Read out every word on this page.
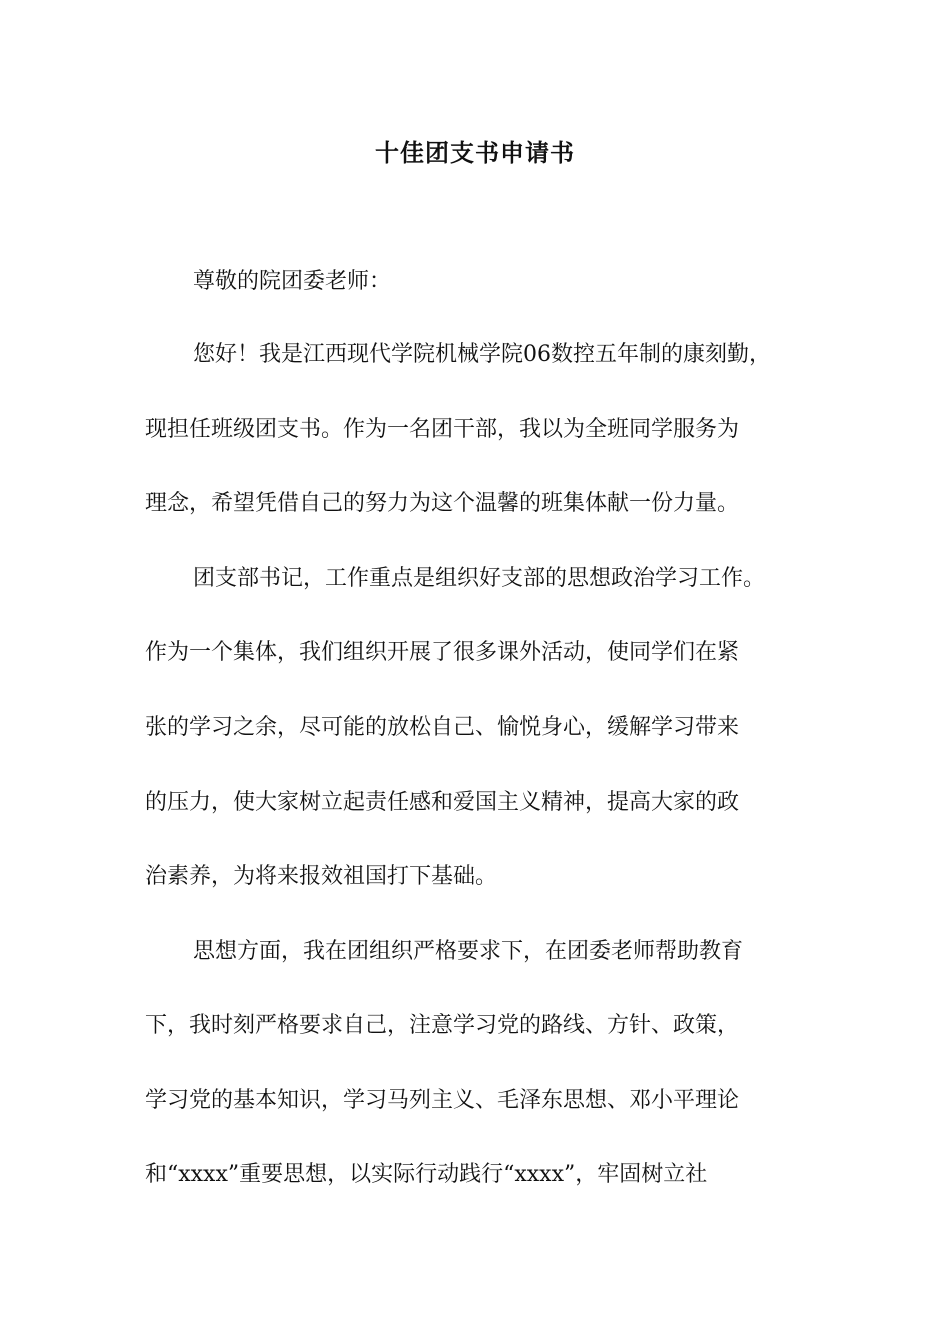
十佳团支书申请书
尊敬的院团委老师：
您好！我是江西现代学院机械学院06数控五年制的康刻勤，
现担任班级团支书。作为一名团干部，我以为全班同学服务为
理念，希望凭借自己的努力为这个温馨的班集体献一份力量。
团支部书记，工作重点是组织好支部的思想政治学习工作。
作为一个集体，我们组织开展了很多课外活动，使同学们在紧
张的学习之余，尽可能的放松自己、愉悦身心，缓解学习带来
的压力，使大家树立起责任感和爱国主义精神，提高大家的政
治素养，为将来报效祖国打下基础。
思想方面，我在团组织严格要求下，在团委老师帮助教育
下，我时刻严格要求自己，注意学习党的路线、方针、政策，
学习党的基本知识，学习马列主义、毛泽东思想、邓小平理论
和“xxxx”重要思想，以实际行动践行“xxxx”，牢固树立社
